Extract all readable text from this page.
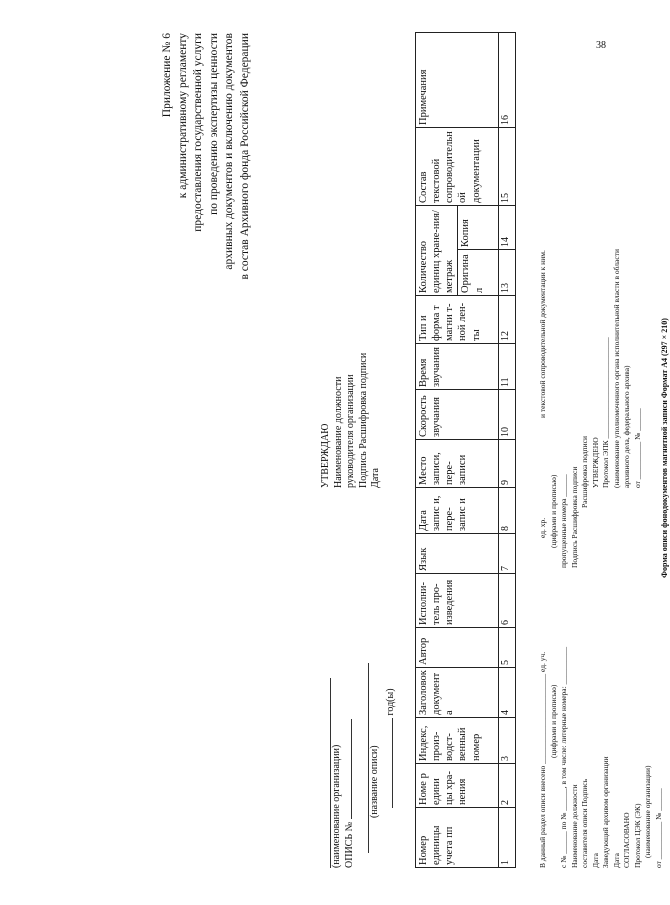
38
Приложение № 6 к административному регламенту предоставления государственной услуги по проведению экспертизы ценности архивных документов и включению документов в состав Архивного фонда Российской Федерации
(наименование организации) ОПИСЬ №
(название описи)
год(ы)
УТВЕРЖДАЮ Наименование должности руководителя организации Подпись Расшифровка подписи Дата
Номер единицы учета пп	Номе р едини цы хра-нения	Индекс, произ-водст-венный номер	Заголовок документа	Автор	Исполни-тель про-изведения	Язык	Дата запис и, пере-запис и	Место записи, пере-записи	Скорость звучания	Время звучания	Тип и форма т магни т-ной лен-ты	Количество единиц хране-ния/метраж		Состав текстовой сопроводительной документации	Примечания
												Оригинал	Копия		
1	2	3	4	5	6	7	8	9	10	11	12	13	14	15	16
В данный раздел описи внесено ________________________ ед. уч. (цифрами и прописью) с № ______ по № ______, в том числе: литерные номера: __________ Наименование должности составителя описи Подпись Дата Заведующий архивом организации Дата СОГЛАСОВАНО Протокол ЦЭК (ЭК) (наименование организации) от __________ № ______
ед. хр. (цифрами и прописью) пропущенные номера ______ Подпись Расшифровка подписи Расшифровка подписи УТВЕРЖДЕНО Протокол ЭПК ___________________________ (наименование уполномоченного органа исполнительной власти в области архивного дела, федерального архива) от __________ № ______
и текстовой сопроводительной документации к ним.	Форма описи фонодокументов магнитной записи Формат А4 (297 × 210)
